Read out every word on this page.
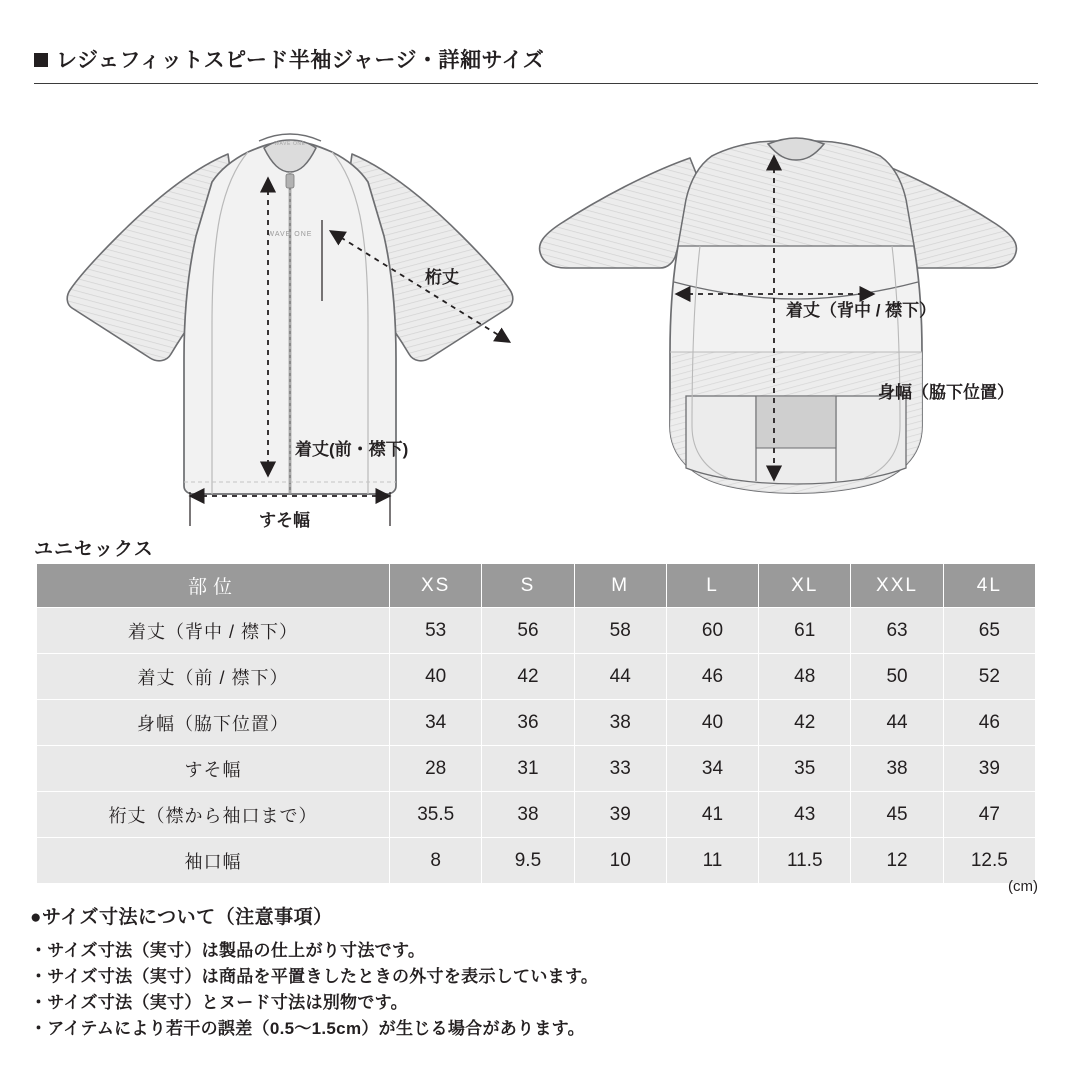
レジェフィットスピード半袖ジャージ・詳細サイズ
WAVE ONE
WAVE ONE
桁丈
着丈(前・襟下)
すそ幅
着丈（背中 / 襟下）
身幅（脇下位置）
ユニセックス
部位	XS	S	M	L	XL	XXL	4L
着丈（背中 / 襟下）	53	56	58	60	61	63	65
着丈（前 / 襟下）	40	42	44	46	48	50	52
身幅（脇下位置）	34	36	38	40	42	44	46
すそ幅	28	31	33	34	35	38	39
裄丈（襟から袖口まで）	35.5	38	39	41	43	45	47
袖口幅	8	9.5	10	11	11.5	12	12.5
(cm)
●サイズ寸法について（注意事項）
・サイズ寸法（実寸）は製品の仕上がり寸法です。
・サイズ寸法（実寸）は商品を平置きしたときの外寸を表示しています。
・サイズ寸法（実寸）とヌード寸法は別物です。
・アイテムにより若干の誤差（0.5〜1.5cm）が生じる場合があります。
